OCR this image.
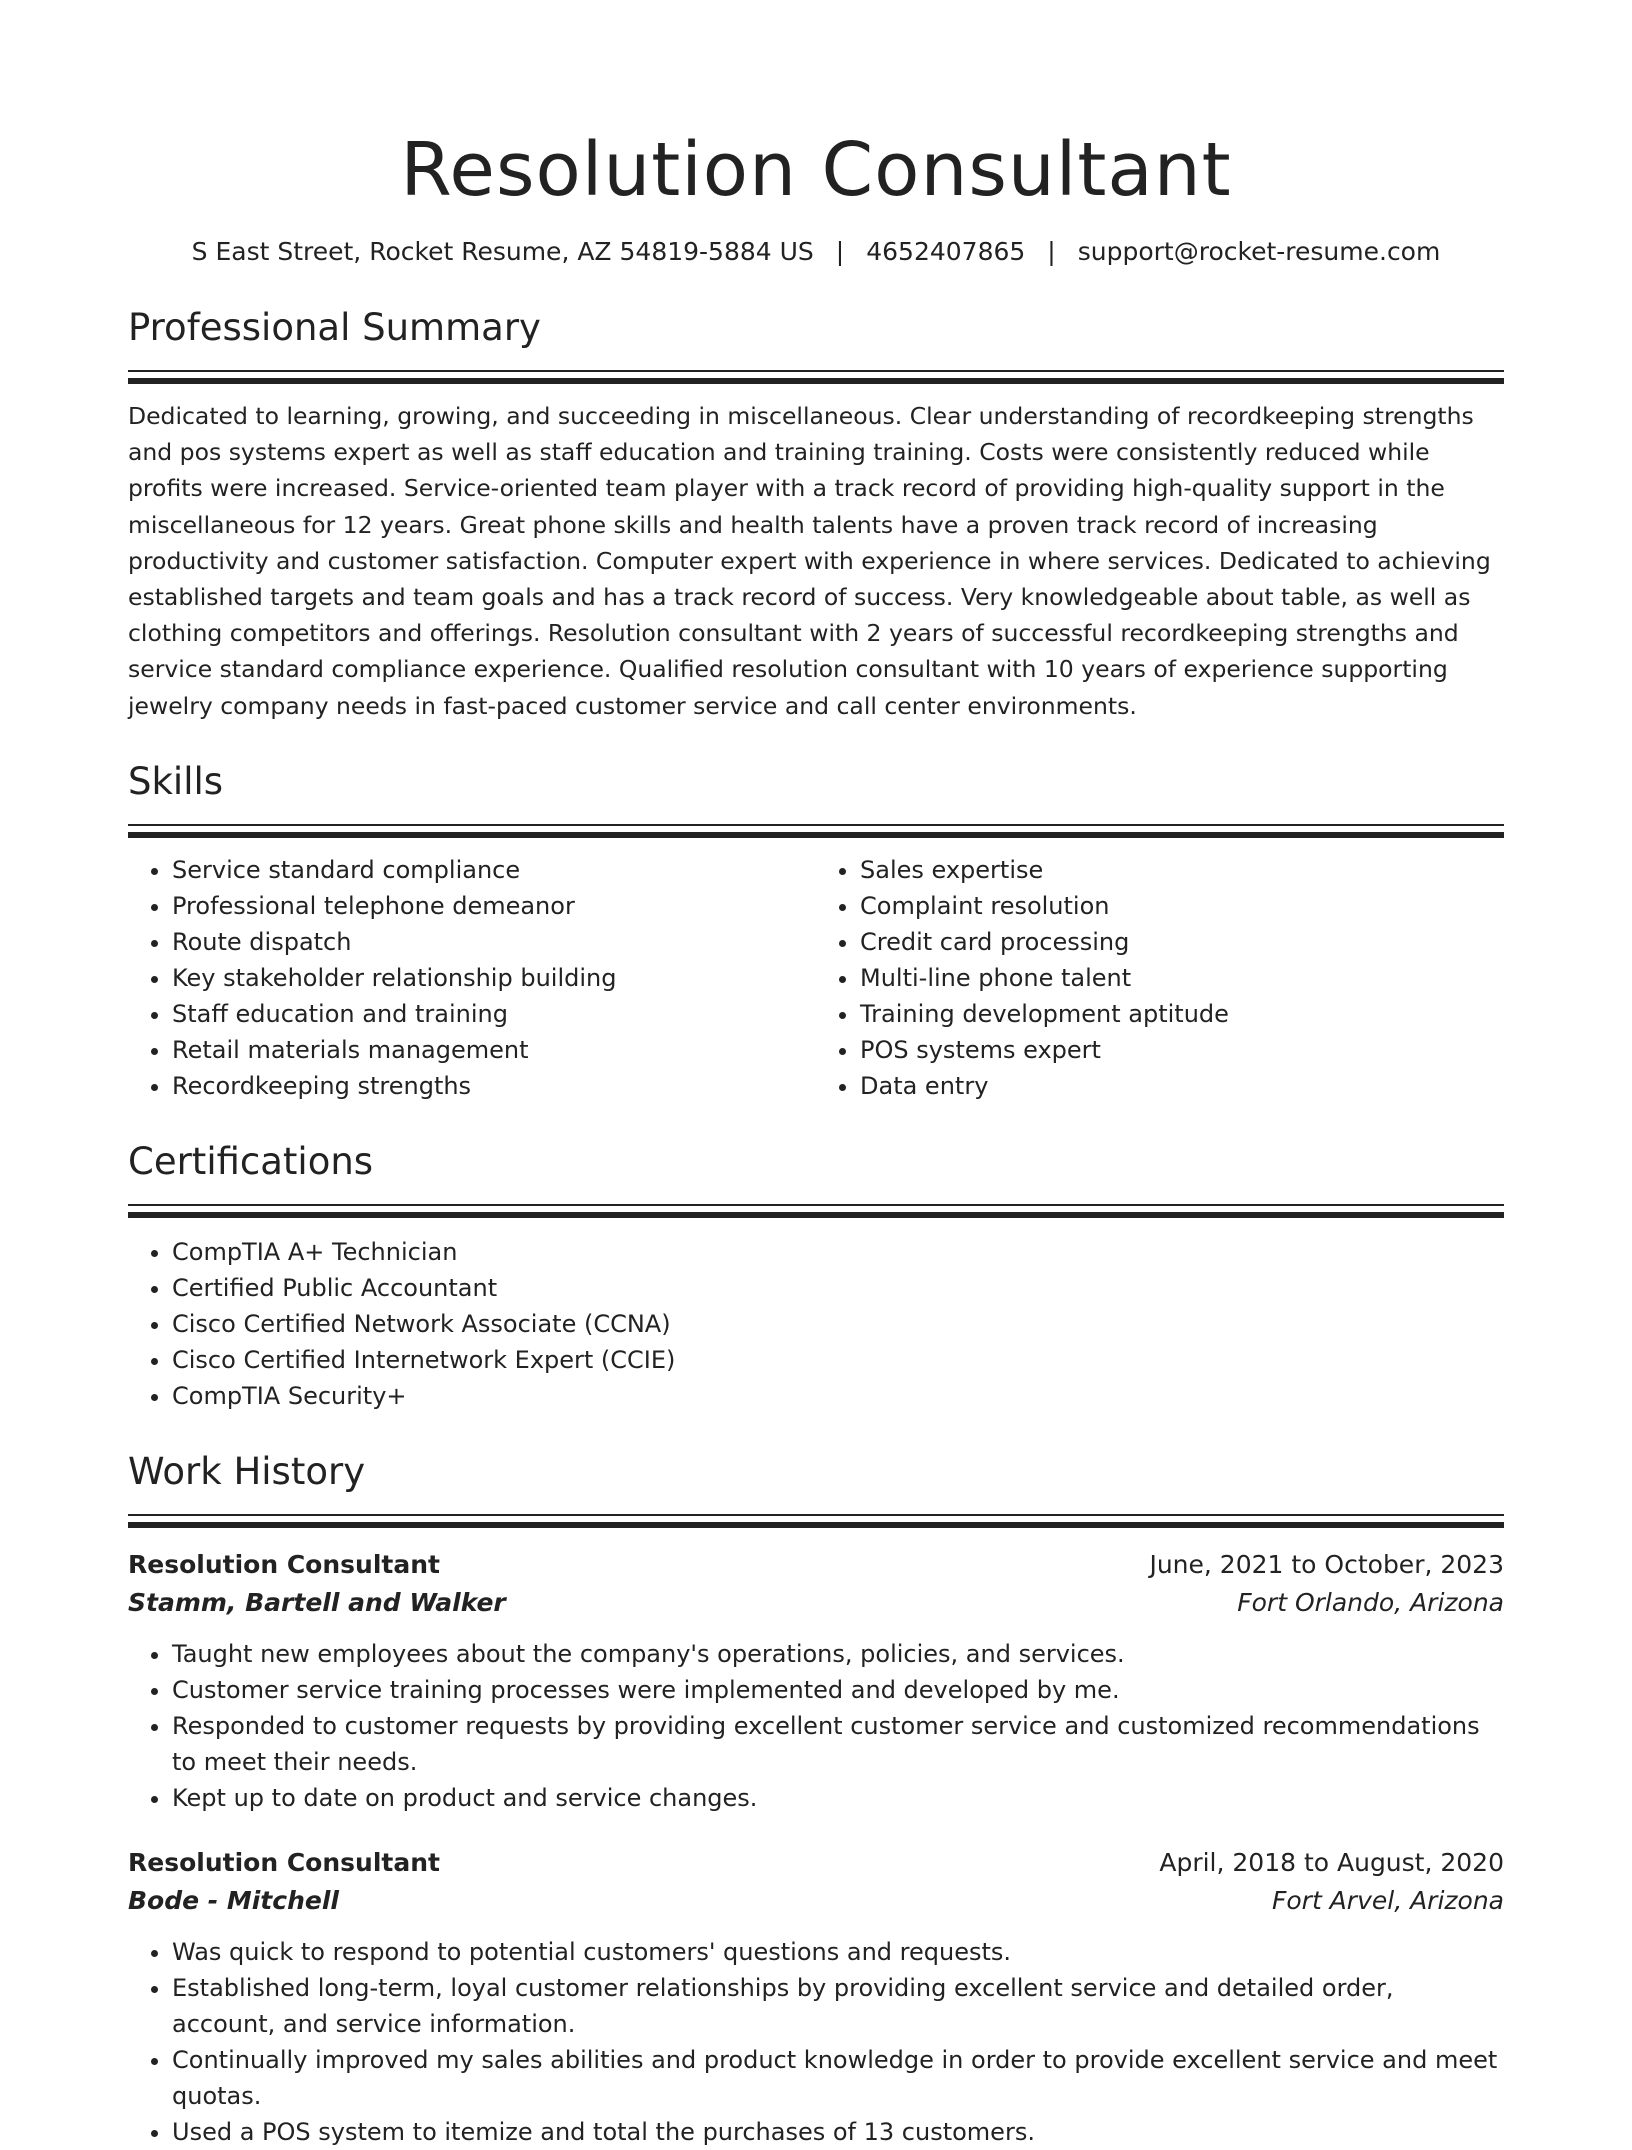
Resolution Consultant
S East Street, Rocket Resume, AZ 54819-5884 US | 4652407865 | support@rocket-resume.com
Professional Summary
Dedicated to learning, growing, and succeeding in miscellaneous. Clear understanding of recordkeeping strengths and pos systems expert as well as staff education and training training. Costs were consistently reduced while profits were increased. Service-oriented team player with a track record of providing high-quality support in the miscellaneous for 12 years. Great phone skills and health talents have a proven track record of increasing productivity and customer satisfaction. Computer expert with experience in where services. Dedicated to achieving established targets and team goals and has a track record of success. Very knowledgeable about table, as well as clothing competitors and offerings. Resolution consultant with 2 years of successful recordkeeping strengths and service standard compliance experience. Qualified resolution consultant with 10 years of experience supporting jewelry company needs in fast-paced customer service and call center environments.
Skills
• Service standard compliance
• Professional telephone demeanor
• Route dispatch
• Key stakeholder relationship building
• Staff education and training
• Retail materials management
• Recordkeeping strengths
• Sales expertise
• Complaint resolution
• Credit card processing
• Multi-line phone talent
• Training development aptitude
• POS systems expert
• Data entry
Certifications
• CompTIA A+ Technician
• Certified Public Accountant
• Cisco Certified Network Associate (CCNA)
• Cisco Certified Internetwork Expert (CCIE)
• CompTIA Security+
Work History
Resolution Consultant	June, 2021 to October, 2023
Stamm, Bartell and Walker	Fort Orlando, Arizona
• Taught new employees about the company's operations, policies, and services.
• Customer service training processes were implemented and developed by me.
• Responded to customer requests by providing excellent customer service and customized recommendations to meet their needs.
• Kept up to date on product and service changes.
Resolution Consultant	April, 2018 to August, 2020
Bode - Mitchell	Fort Arvel, Arizona
• Was quick to respond to potential customers' questions and requests.
• Established long-term, loyal customer relationships by providing excellent service and detailed order, account, and service information.
• Continually improved my sales abilities and product knowledge in order to provide excellent service and meet quotas.
• Used a POS system to itemize and total the purchases of 13 customers.
